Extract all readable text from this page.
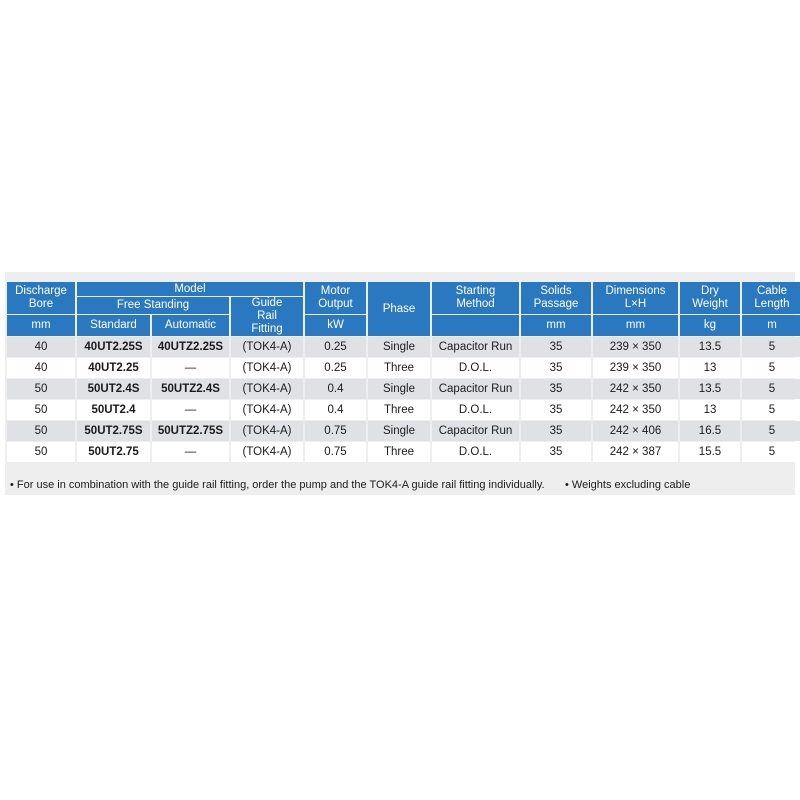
Discharge Bore	Model			Motor Output	Phase	Starting Method	Solids Passage	Dimensions L×H	Dry Weight	Cable Length
	Free Standing		Guide Rail Fitting							
mm	Standard	Automatic		kW			mm	mm	kg	m
40	40UT2.25S	40UTZ2.25S	(TOK4-A)	0.25	Single	Capacitor Run	35	239 × 350	13.5	5
40	40UT2.25	—	(TOK4-A)	0.25	Three	D.O.L.	35	239 × 350	13	5
50	50UT2.4S	50UTZ2.4S	(TOK4-A)	0.4	Single	Capacitor Run	35	242 × 350	13.5	5
50	50UT2.4	—	(TOK4-A)	0.4	Three	D.O.L.	35	242 × 350	13	5
50	50UT2.75S	50UTZ2.75S	(TOK4-A)	0.75	Single	Capacitor Run	35	242 × 406	16.5	5
50	50UT2.75	—	(TOK4-A)	0.75	Three	D.O.L.	35	242 × 387	15.5	5
• For use in combination with the guide rail fitting, order the pump and the TOK4-A guide rail fitting individually. • Weights excluding cable
